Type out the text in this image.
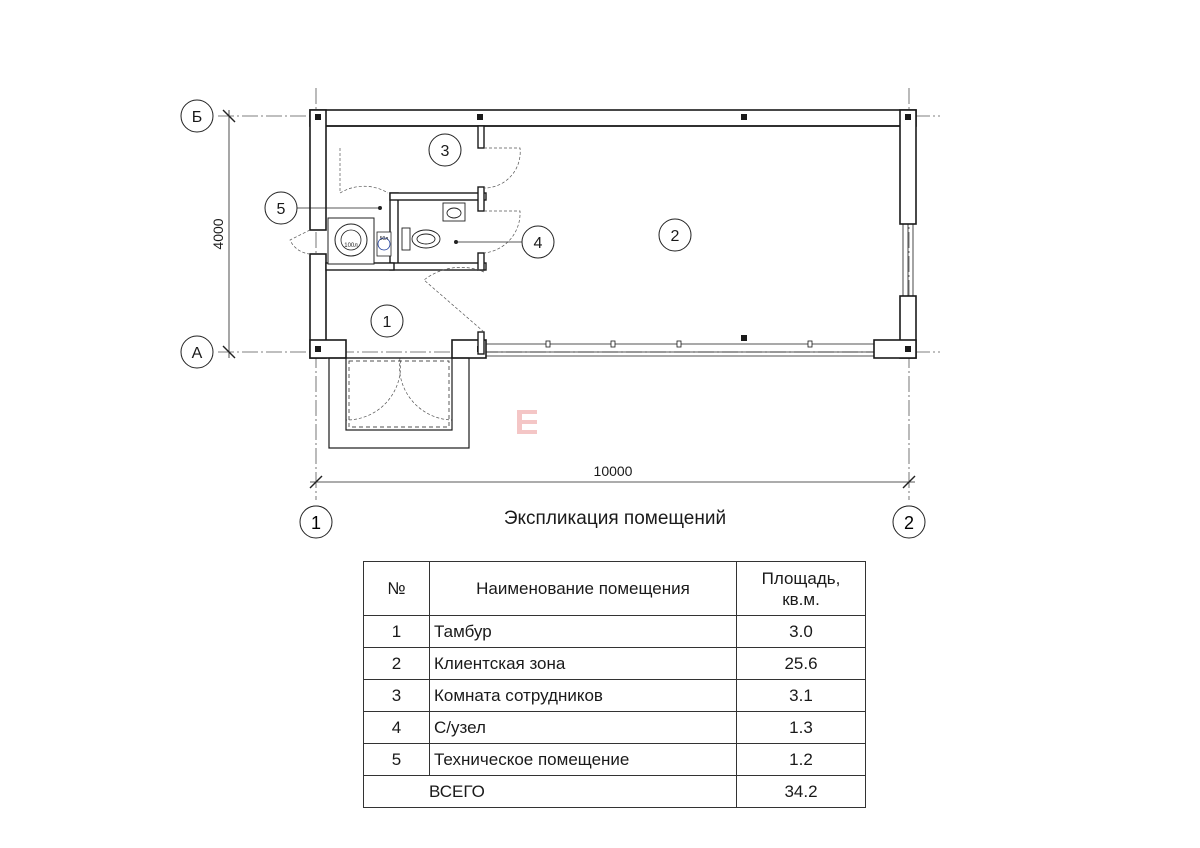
Б
А
4000
10000
100л
50л
1
2
3
4
5
1	2
Экспликация помещений
№	Наименование помещения	Площадь,
кв.м.
1	Тамбур	3.0
2	Клиентская зона	25.6
3	Комната сотрудников	3.1
4	С/узел	1.3
5	Техническое помещение	1.2
ВСЕГО		34.2
